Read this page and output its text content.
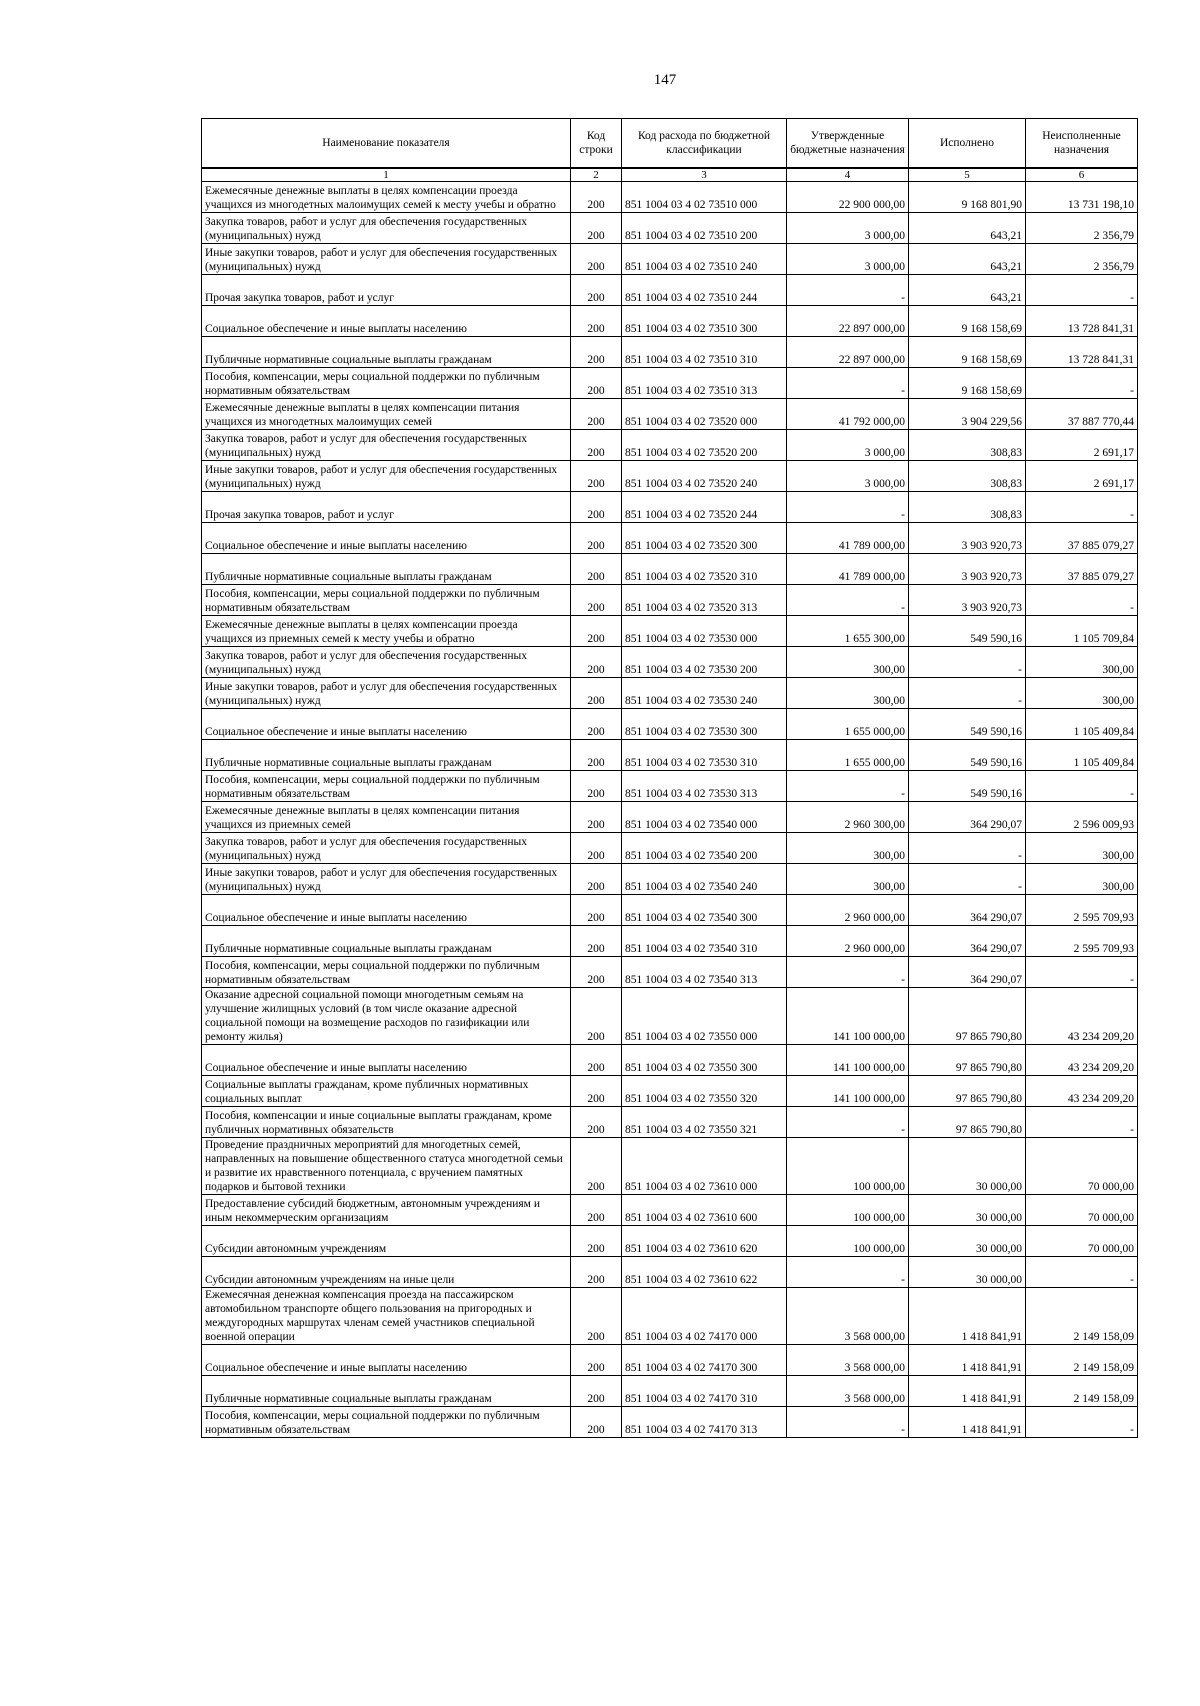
147
Наименование показателя	Код строки	Код расхода по бюджетной классификации	Утвержденные бюджетные назначения	Исполнено	Неисполненные назначения
1	2	3	4	5	6
Ежемесячные денежные выплаты в целях компенсации проезда учащихся из многодетных малоимущих семей к месту учебы и обратно	200	851 1004 03 4 02 73510 000	22 900 000,00	9 168 801,90	13 731 198,10
Закупка товаров, работ и услуг для обеспечения государственных (муниципальных) нужд	200	851 1004 03 4 02 73510 200	3 000,00	643,21	2 356,79
Иные закупки товаров, работ и услуг для обеспечения государственных (муниципальных) нужд	200	851 1004 03 4 02 73510 240	3 000,00	643,21	2 356,79
Прочая закупка товаров, работ и услуг	200	851 1004 03 4 02 73510 244	-	643,21	-
Социальное обеспечение и иные выплаты населению	200	851 1004 03 4 02 73510 300	22 897 000,00	9 168 158,69	13 728 841,31
Публичные нормативные социальные выплаты гражданам	200	851 1004 03 4 02 73510 310	22 897 000,00	9 168 158,69	13 728 841,31
Пособия, компенсации, меры социальной поддержки по публичным нормативным обязательствам	200	851 1004 03 4 02 73510 313	-	9 168 158,69	-
Ежемесячные денежные выплаты в целях компенсации питания учащихся из многодетных малоимущих семей	200	851 1004 03 4 02 73520 000	41 792 000,00	3 904 229,56	37 887 770,44
Закупка товаров, работ и услуг для обеспечения государственных (муниципальных) нужд	200	851 1004 03 4 02 73520 200	3 000,00	308,83	2 691,17
Иные закупки товаров, работ и услуг для обеспечения государственных (муниципальных) нужд	200	851 1004 03 4 02 73520 240	3 000,00	308,83	2 691,17
Прочая закупка товаров, работ и услуг	200	851 1004 03 4 02 73520 244	-	308,83	-
Социальное обеспечение и иные выплаты населению	200	851 1004 03 4 02 73520 300	41 789 000,00	3 903 920,73	37 885 079,27
Публичные нормативные социальные выплаты гражданам	200	851 1004 03 4 02 73520 310	41 789 000,00	3 903 920,73	37 885 079,27
Пособия, компенсации, меры социальной поддержки по публичным нормативным обязательствам	200	851 1004 03 4 02 73520 313	-	3 903 920,73	-
Ежемесячные денежные выплаты в целях компенсации проезда учащихся из приемных семей к месту учебы и обратно	200	851 1004 03 4 02 73530 000	1 655 300,00	549 590,16	1 105 709,84
Закупка товаров, работ и услуг для обеспечения государственных (муниципальных) нужд	200	851 1004 03 4 02 73530 200	300,00	-	300,00
Иные закупки товаров, работ и услуг для обеспечения государственных (муниципальных) нужд	200	851 1004 03 4 02 73530 240	300,00	-	300,00
Социальное обеспечение и иные выплаты населению	200	851 1004 03 4 02 73530 300	1 655 000,00	549 590,16	1 105 409,84
Публичные нормативные социальные выплаты гражданам	200	851 1004 03 4 02 73530 310	1 655 000,00	549 590,16	1 105 409,84
Пособия, компенсации, меры социальной поддержки по публичным нормативным обязательствам	200	851 1004 03 4 02 73530 313	-	549 590,16	-
Ежемесячные денежные выплаты в целях компенсации питания учащихся из приемных семей	200	851 1004 03 4 02 73540 000	2 960 300,00	364 290,07	2 596 009,93
Закупка товаров, работ и услуг для обеспечения государственных (муниципальных) нужд	200	851 1004 03 4 02 73540 200	300,00	-	300,00
Иные закупки товаров, работ и услуг для обеспечения государственных (муниципальных) нужд	200	851 1004 03 4 02 73540 240	300,00	-	300,00
Социальное обеспечение и иные выплаты населению	200	851 1004 03 4 02 73540 300	2 960 000,00	364 290,07	2 595 709,93
Публичные нормативные социальные выплаты гражданам	200	851 1004 03 4 02 73540 310	2 960 000,00	364 290,07	2 595 709,93
Пособия, компенсации, меры социальной поддержки по публичным нормативным обязательствам	200	851 1004 03 4 02 73540 313	-	364 290,07	-
Оказание адресной социальной помощи многодетным семьям на улучшение жилищных условий (в том числе оказание адресной социальной помощи на возмещение расходов по газификации или ремонту жилья)	200	851 1004 03 4 02 73550 000	141 100 000,00	97 865 790,80	43 234 209,20
Социальное обеспечение и иные выплаты населению	200	851 1004 03 4 02 73550 300	141 100 000,00	97 865 790,80	43 234 209,20
Социальные выплаты гражданам, кроме публичных нормативных социальных выплат	200	851 1004 03 4 02 73550 320	141 100 000,00	97 865 790,80	43 234 209,20
Пособия, компенсации и иные социальные выплаты гражданам, кроме публичных нормативных обязательств	200	851 1004 03 4 02 73550 321	-	97 865 790,80	-
Проведение праздничных мероприятий для многодетных семей, направленных на повышение общественного статуса многодетной семьи и развитие их нравственного потенциала, с вручением памятных подарков и бытовой техники	200	851 1004 03 4 02 73610 000	100 000,00	30 000,00	70 000,00
Предоставление субсидий бюджетным, автономным учреждениям и иным некоммерческим организациям	200	851 1004 03 4 02 73610 600	100 000,00	30 000,00	70 000,00
Субсидии автономным учреждениям	200	851 1004 03 4 02 73610 620	100 000,00	30 000,00	70 000,00
Субсидии автономным учреждениям на иные цели	200	851 1004 03 4 02 73610 622	-	30 000,00	-
Ежемесячная денежная компенсация проезда на пассажирском автомобильном транспорте общего пользования на пригородных и междугородных маршрутах членам семей участников специальной военной операции	200	851 1004 03 4 02 74170 000	3 568 000,00	1 418 841,91	2 149 158,09
Социальное обеспечение и иные выплаты населению	200	851 1004 03 4 02 74170 300	3 568 000,00	1 418 841,91	2 149 158,09
Публичные нормативные социальные выплаты гражданам	200	851 1004 03 4 02 74170 310	3 568 000,00	1 418 841,91	2 149 158,09
Пособия, компенсации, меры социальной поддержки по публичным нормативным обязательствам	200	851 1004 03 4 02 74170 313	-	1 418 841,91	-
